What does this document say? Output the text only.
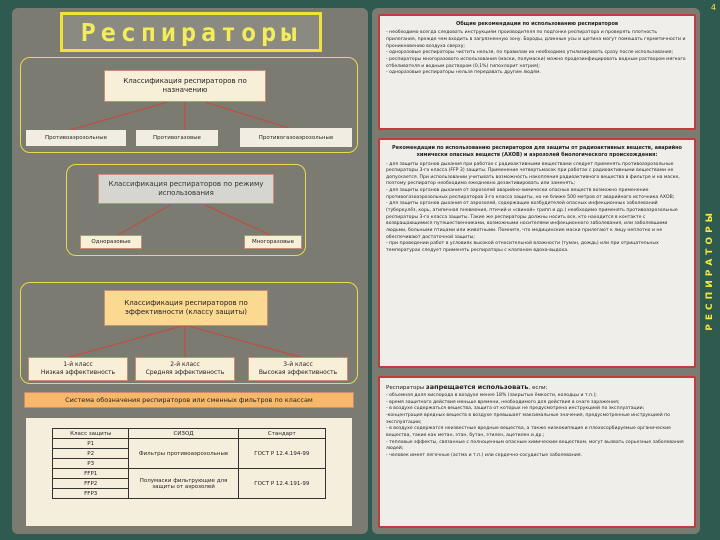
4
РЕСПИРАТОРЫ
Респираторы
Классификация респираторов по назначению
Противоаэрозольные	Противогазовые	Противогазоаэрозольные
Классификация респираторов по режиму использования
Одноразовые	Многоразовые
Классификация респираторов по эффективности (классу защиты)
1-й класс
Низкая эффективность
2-й класс
Средняя эффективность
3-й класс
Высокая эффективность
Система обозначения респираторов или сменных фильтров по классам
Класс защиты	СИЗОД	Стандарт
P1	Фильтры противоаэрозольные	ГОСТ Р 12.4.194-99
P2		
P3		
FFP1	Полумаски фильтрующие для защиты от аэрозолей	ГОСТ Р 12.4.191-99
FFP2		
FFP3		
Общие рекомендации по использованию респираторов

- необходимо всегда следовать инструкциям производителя по подгонке респиратора и проверять плотность прилегания, прежде чем входить в загрязненную зону. Бороды, длинные усы и щетина могут помешать герметичности и проникновению воздуха сверху;

- одноразовые респираторы чистить нельзя, по правилам их необходимо утилизировать сразу после использования;

- респираторы многоразового использования (маски, полумаски) можно продезинфицировать водным раствором мягкого отбеливателя и водным раствором (0,1%) гипохлорит натрия);

- одноразовые респираторы нельзя передавать другим людям.

Рекомендации по использованию респираторов для защиты от радиоактивных веществ, аварийно химически опасных веществ (АХОВ) и аэрозолей биологического происхождения:

- для защиты органов дыхания при работах с радиоактивными веществами следует применять противоаэрозольные респираторы 3-го класса (FFP 3) защиты. Применение четвертьмасок при работах с радиоактивными веществами не допускается. При использовании учитывать возможность накопления радиоактивного вещества в фильтре и на маске, поэтому респиратор необходимо ежедневно дезактивировать или заменять;

- для защиты органов дыхания от аэрозолей аварийно-химически опасных веществ возможно применение противогазоаэрозольных респираторов 3-го класса защиты, но не ближе 500 метров от аварийного источника АХОВ;

- для защиты органов дыхания от аэрозолей, содержащих возбудителей опасных инфекционных заболеваний (туберкулёз, корь, атипичная пневмония, птичий и «свиной» грипп и др.) необходимо применять противоаэрозольные респираторы 3-го класса защиты. Такие же респираторы должны носить все, кто находится в контакте с возвращающимися путешественниками, возможными носителями инфекционного заболевания, или заболевшими людьми, больными птицами или животными. Помните, что медицинские маски прилегают к лицу неплотно и не обеспечивают достаточной защиты;

- при проведении работ в условиях высокой относительной влажности (туман, дождь) или при отрицательных температурах следует применять респираторы с клапаном вдоха-выдоха.

Респираторы запрещается использовать, если:

- объемная доля кислорода в воздухе менее 18% (закрытые ёмкости, колодцы и т.п.);

- время защитного действия меньше времени, необходимого для действия в очаге заражения;

- в воздухе содержаться вещества, защита от которых не предусмотрена инструкцией по эксплуатации;

-концентрация вредных веществ в воздухе превышает максимальные значения, предусмотренные инструкцией по эксплуатации;

- в воздухе содержатся неизвестные вредные вещества, а также низкокипящие и плохосорбируемые органические вещества, такие как метан, этан, бутан, этилен, ацетилен и др.;

- тепловые эффекты, связанные с полноценным опасным химическим веществом, могут вызвать серьезные заболевания людей;

- человек имеет легочные (астма и т.п.) или сердечно-сосудистые заболевания.
